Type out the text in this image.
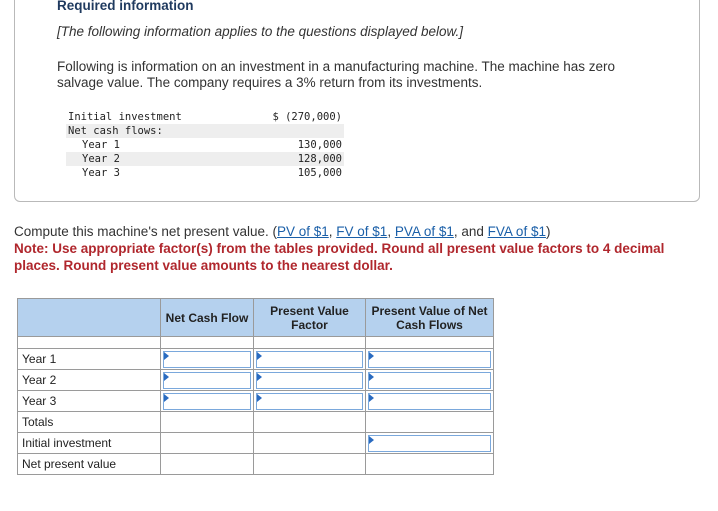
Required information

[The following information applies to the questions displayed below.]

Following is information on an investment in a manufacturing machine. The machine has zero salvage value. The company requires a 3% return from its investments.

Initial investment	$ (270,000)
Net cash flows:	
Year 1	130,000
Year 2	128,000
Year 3	105,000

Compute this machine's net present value. (PV of $1, FV of $1, PVA of $1, and FVA of $1)

Note: Use appropriate factor(s) from the tables provided. Round all present value factors to 4 decimal places. Round present value amounts to the nearest dollar.

	Net Cash Flow	Present Value Factor	Present Value of Net Cash Flows

Year 1	

Year 2	

Year 3	

Totals			
Initial investment			

Net present value			
